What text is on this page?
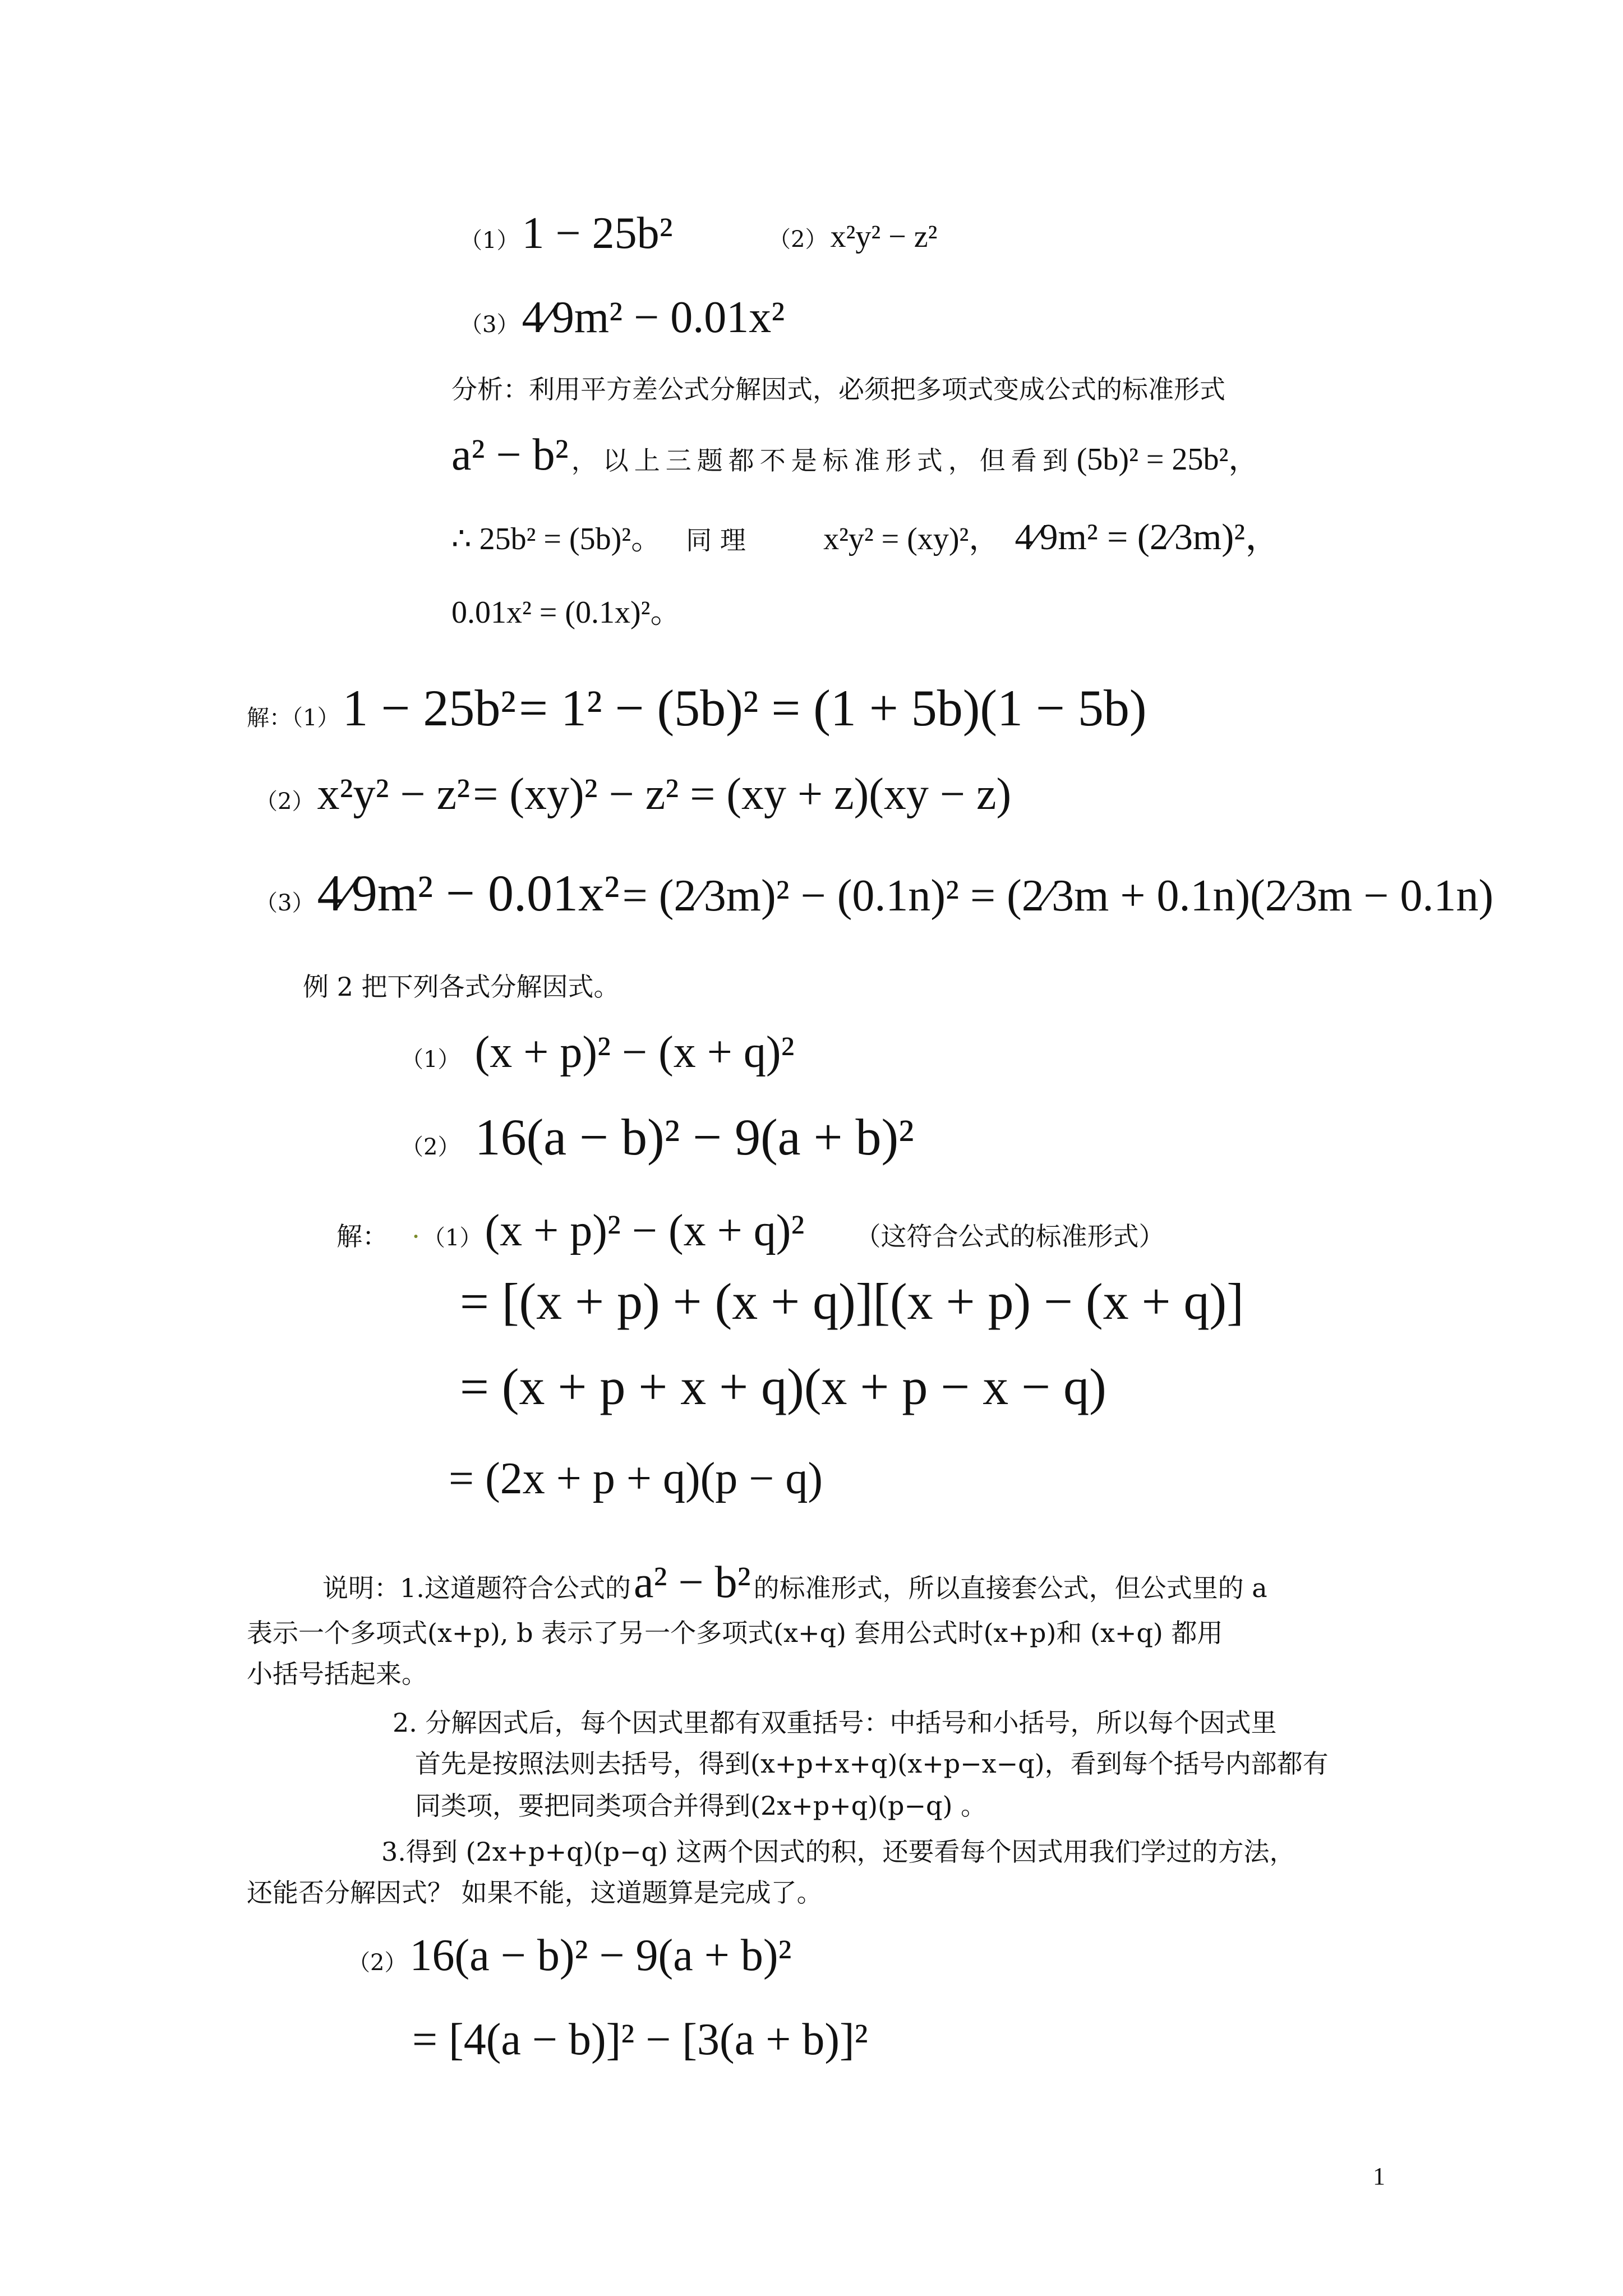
（1） 1 − 25b²	（2） x²y² − z²
（3） 4⁄9m² − 0.01x²
分析：利用平方差公式分解因式，必须把多项式变成公式的标准形式
a² − b² ，以上三题都不是标准形式，但看到 (5b)² = 25b²，
∴ 25b² = (5b)²。 同 理 x²y² = (xy)²， 4⁄9m² = (2⁄3m)²，
0.01x² = (0.1x)²。
解：（1） 1 − 25b² = 1² − (5b)² = (1 + 5b)(1 − 5b)
（2） x²y² − z² = (xy)² − z² = (xy + z)(xy − z)
（3） 4⁄9m² − 0.01x² = (2⁄3m)² − (0.1n)² = (2⁄3m + 0.1n)(2⁄3m − 0.1n)
例 2 把下列各式分解因式。
（1） (x + p)² − (x + q)²
（2） 16(a − b)² − 9(a + b)²
解： · （1） (x + p)² − (x + q)² （这符合公式的标准形式）
= [(x + p) + (x + q)][(x + p) − (x + q)]
= (x + p + x + q)(x + p − x − q)
= (2x + p + q)(p − q)
说明：1.这道题符合公式的 a² − b² 的标准形式，所以直接套公式，但公式里的 a
表示一个多项式(x+p), b 表示了另一个多项式(x+q) 套用公式时(x+p)和 (x+q) 都用
小括号括起来。
2. 分解因式后，每个因式里都有双重括号：中括号和小括号，所以每个因式里
首先是按照法则去括号，得到(x+p+x+q)(x+p−x−q)，看到每个括号内部都有
同类项，要把同类项合并得到(2x+p+q)(p−q) 。
3.得到 (2x+p+q)(p−q) 这两个因式的积，还要看每个因式用我们学过的方法，
还能否分解因式？ 如果不能，这道题算是完成了。
（2） 16(a − b)² − 9(a + b)²
= [4(a − b)]² − [3(a + b)]²
1
